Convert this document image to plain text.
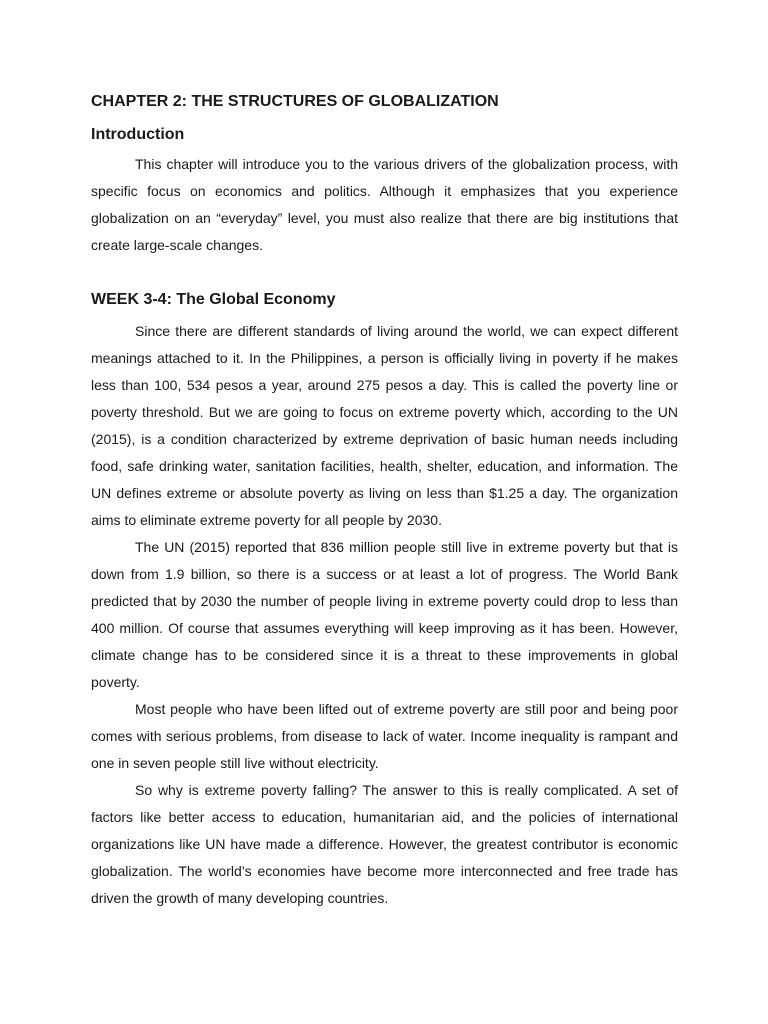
CHAPTER 2: THE STRUCTURES OF GLOBALIZATION
Introduction

This chapter will introduce you to the various drivers of the globalization process, with specific focus on economics and politics. Although it emphasizes that you experience globalization on an “everyday” level, you must also realize that there are big institutions that create large-scale changes.

WEEK 3-4: The Global Economy

Since there are different standards of living around the world, we can expect different meanings attached to it. In the Philippines, a person is officially living in poverty if he makes less than 100, 534 pesos a year, around 275 pesos a day. This is called the poverty line or poverty threshold. But we are going to focus on extreme poverty which, according to the UN (2015), is a condition characterized by extreme deprivation of basic human needs including food, safe drinking water, sanitation facilities, health, shelter, education, and information. The UN defines extreme or absolute poverty as living on less than $1.25 a day. The organization aims to eliminate extreme poverty for all people by 2030.

The UN (2015) reported that 836 million people still live in extreme poverty but that is down from 1.9 billion, so there is a success or at least a lot of progress. The World Bank predicted that by 2030 the number of people living in extreme poverty could drop to less than 400 million. Of course that assumes everything will keep improving as it has been. However, climate change has to be considered since it is a threat to these improvements in global poverty.

Most people who have been lifted out of extreme poverty are still poor and being poor comes with serious problems, from disease to lack of water. Income inequality is rampant and one in seven people still live without electricity.

So why is extreme poverty falling? The answer to this is really complicated. A set of factors like better access to education, humanitarian aid, and the policies of international organizations like UN have made a difference. However, the greatest contributor is economic globalization. The world’s economies have become more interconnected and free trade has driven the growth of many developing countries.
